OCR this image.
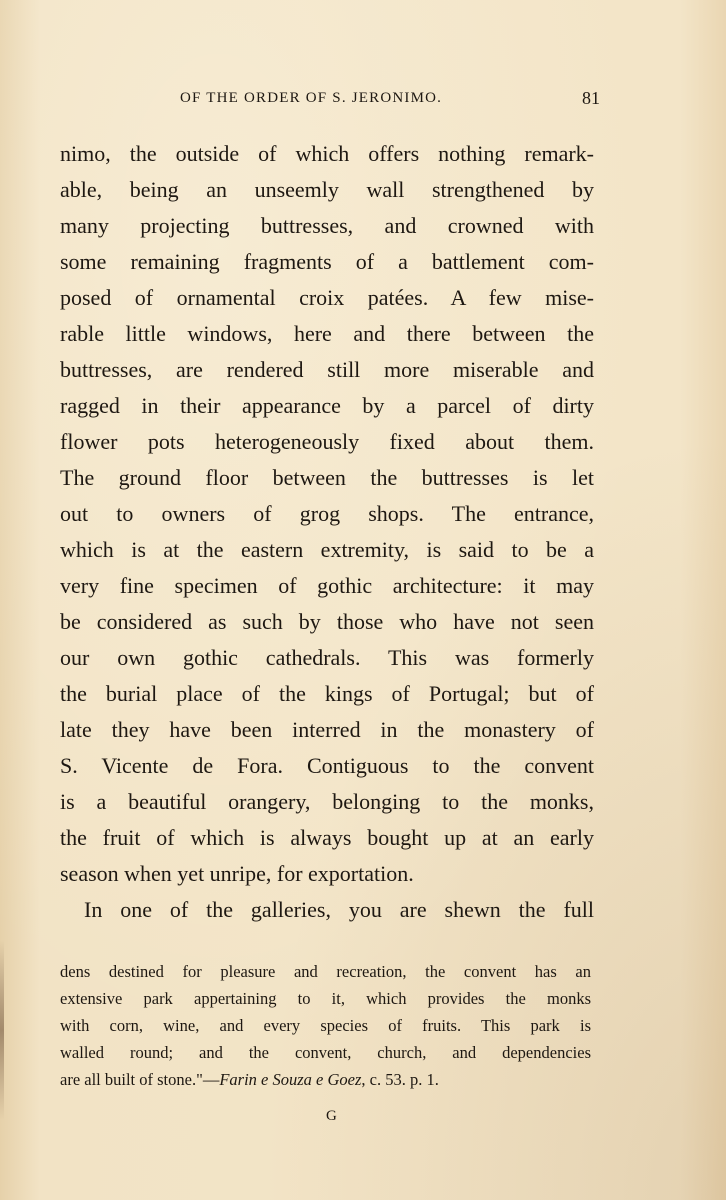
OF THE ORDER OF S. JERONIMO.	81
nimo, the outside of which offers nothing remark-
able, being an unseemly wall strengthened by
many projecting buttresses, and crowned with
some remaining fragments of a battlement com-
posed of ornamental croix patées. A few mise-
rable little windows, here and there between the
buttresses, are rendered still more miserable and
ragged in their appearance by a parcel of dirty
flower pots heterogeneously fixed about them.
The ground floor between the buttresses is let
out to owners of grog shops. The entrance,
which is at the eastern extremity, is said to be a
very fine specimen of gothic architecture: it may
be considered as such by those who have not seen
our own gothic cathedrals. This was formerly
the burial place of the kings of Portugal; but of
late they have been interred in the monastery of
S. Vicente de Fora. Contiguous to the convent
is a beautiful orangery, belonging to the monks,
the fruit of which is always bought up at an early
season when yet unripe, for exportation.
In one of the galleries, you are shewn the full
dens destined for pleasure and recreation, the convent has an
extensive park appertaining to it, which provides the monks
with corn, wine, and every species of fruits. This park is
walled round; and the convent, church, and dependencies
are all built of stone."—Farin e Souza e Goez, c. 53. p. 1.
G
